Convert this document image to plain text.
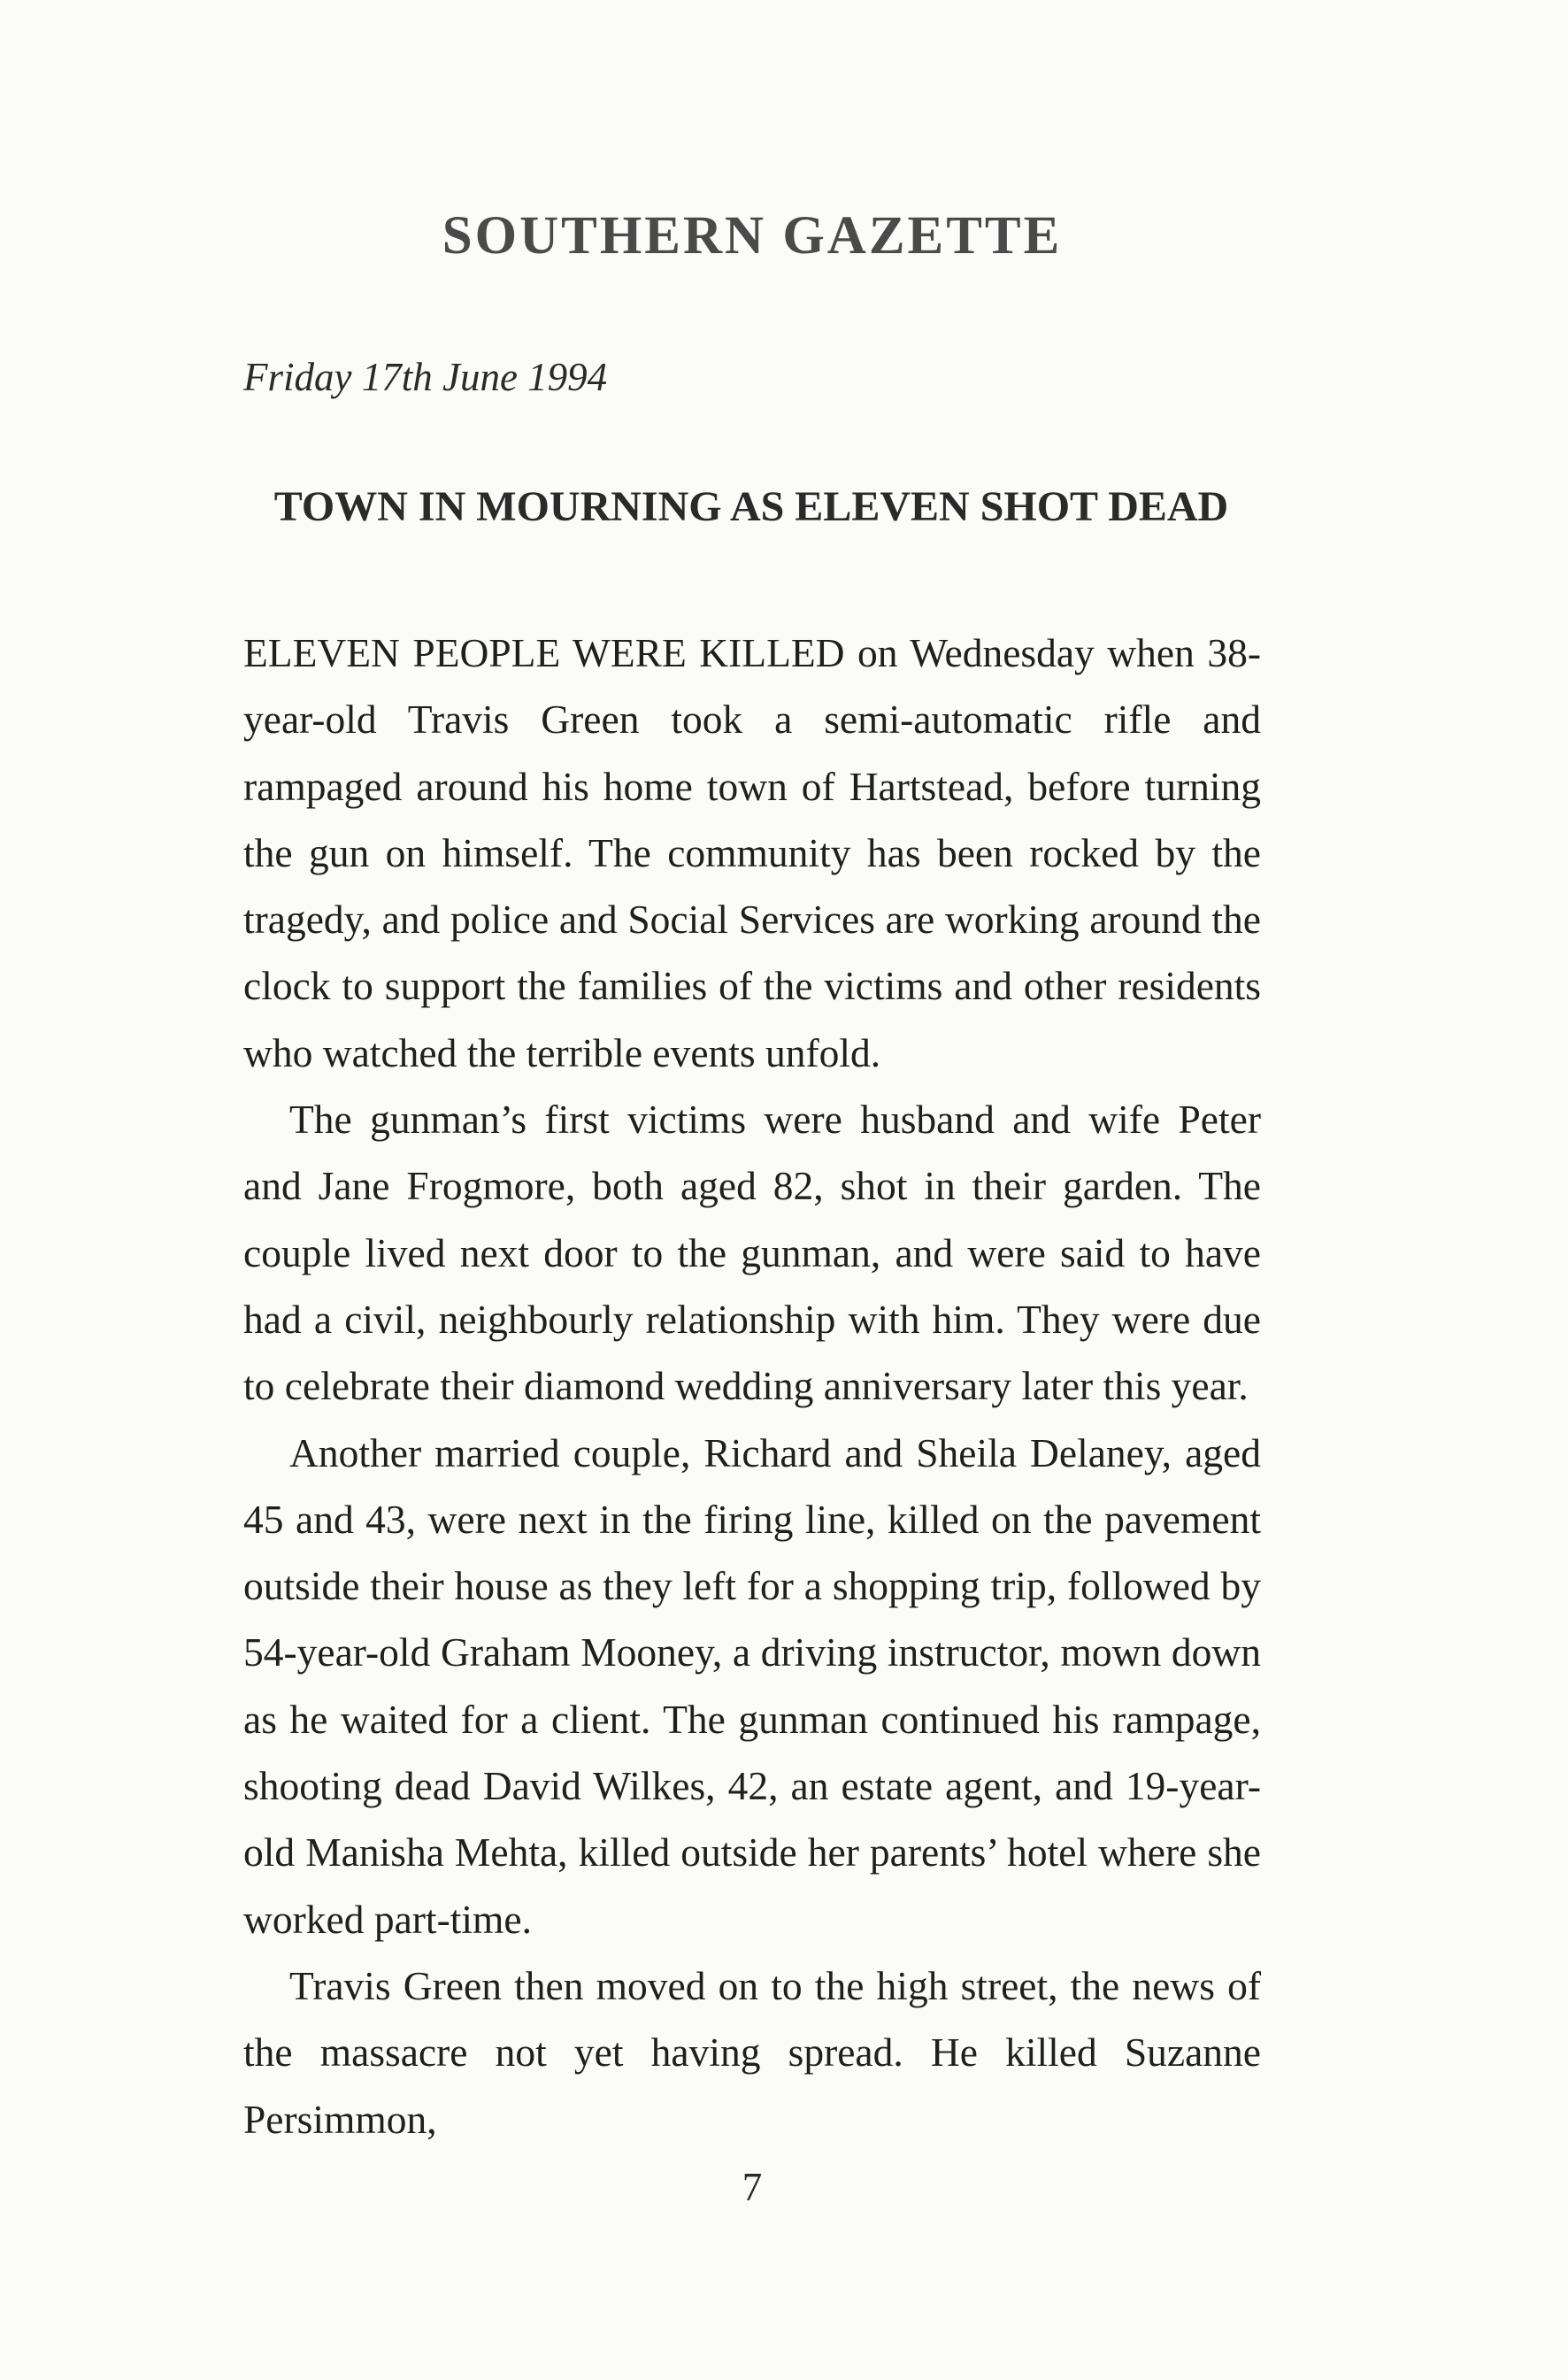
SOUTHERN GAZETTE

Friday 17th June 1994

TOWN IN MOURNING AS ELEVEN SHOT DEAD

ELEVEN PEOPLE WERE KILLED on Wednesday when 38-year-old Travis Green took a semi-automatic rifle and rampaged around his home town of Hartstead, before turning the gun on himself. The community has been rocked by the tragedy, and police and Social Services are working around the clock to support the families of the victims and other residents who watched the terrible events unfold.

The gunman’s first victims were husband and wife Peter and Jane Frogmore, both aged 82, shot in their garden. The couple lived next door to the gunman, and were said to have had a civil, neighbourly relationship with him. They were due to celebrate their diamond wedding anniversary later this year.

Another married couple, Richard and Sheila Delaney, aged 45 and 43, were next in the firing line, killed on the pavement outside their house as they left for a shopping trip, followed by 54-year-old Graham Mooney, a driving instructor, mown down as he waited for a client. The gunman continued his rampage, shooting dead David Wilkes, 42, an estate agent, and 19-year-old Manisha Mehta, killed outside her parents’ hotel where she worked part-time.

Travis Green then moved on to the high street, the news of the massacre not yet having spread. He killed Suzanne Persimmon,

7
